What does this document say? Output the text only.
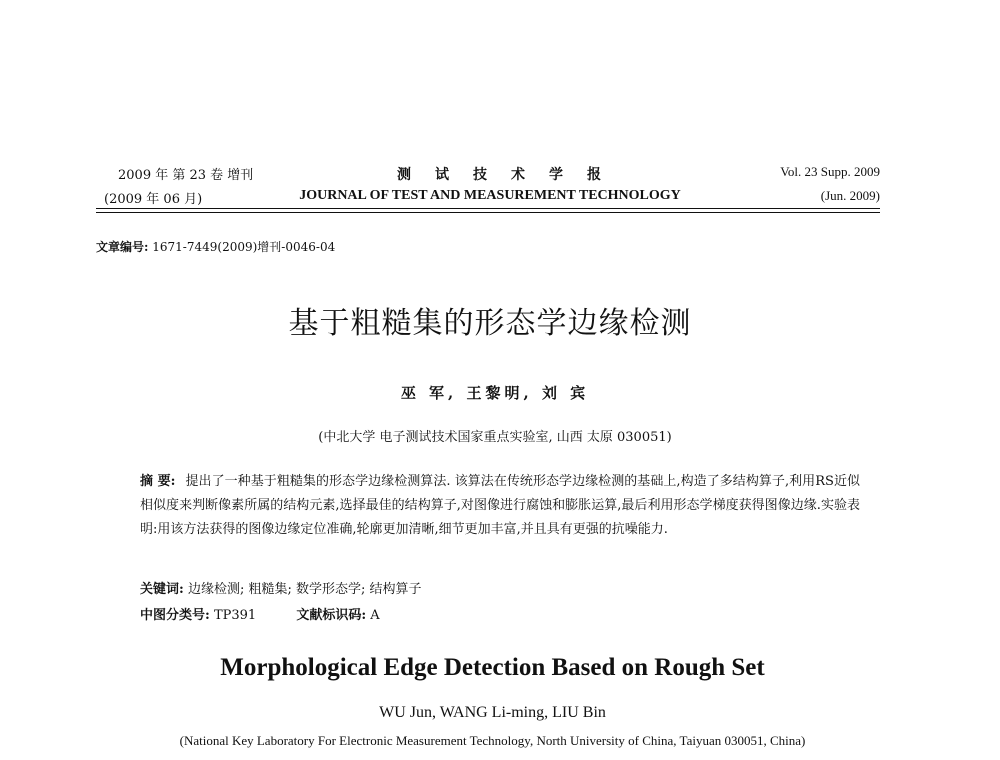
2009 年 第 23 卷 增刊
(2009 年 06 月)
测试技术学报
JOURNAL OF TEST AND MEASUREMENT TECHNOLOGY
Vol. 23 Supp. 2009
(Jun. 2009)
文章编号: 1671-7449(2009)增刊-0046-04
基于粗糙集的形态学边缘检测
巫 军, 王黎明, 刘 宾
(中北大学 电子测试技术国家重点实验室, 山西 太原 030051)
摘 要: 提出了一种基于粗糙集的形态学边缘检测算法. 该算法在传统形态学边缘检测的基础上,构造了多结构算子,利用RS近似相似度来判断像素所属的结构元素,选择最佳的结构算子,对图像进行腐蚀和膨胀运算,最后利用形态学梯度获得图像边缘.实验表明:用该方法获得的图像边缘定位准确,轮廓更加清晰,细节更加丰富,并且具有更强的抗噪能力.
关键词: 边缘检测; 粗糙集; 数学形态学; 结构算子
中图分类号: TP391	文献标识码: A
Morphological Edge Detection Based on Rough Set
WU Jun, WANG Li-ming, LIU Bin
(National Key Laboratory For Electronic Measurement Technology, North University of China, Taiyuan 030051, China)
